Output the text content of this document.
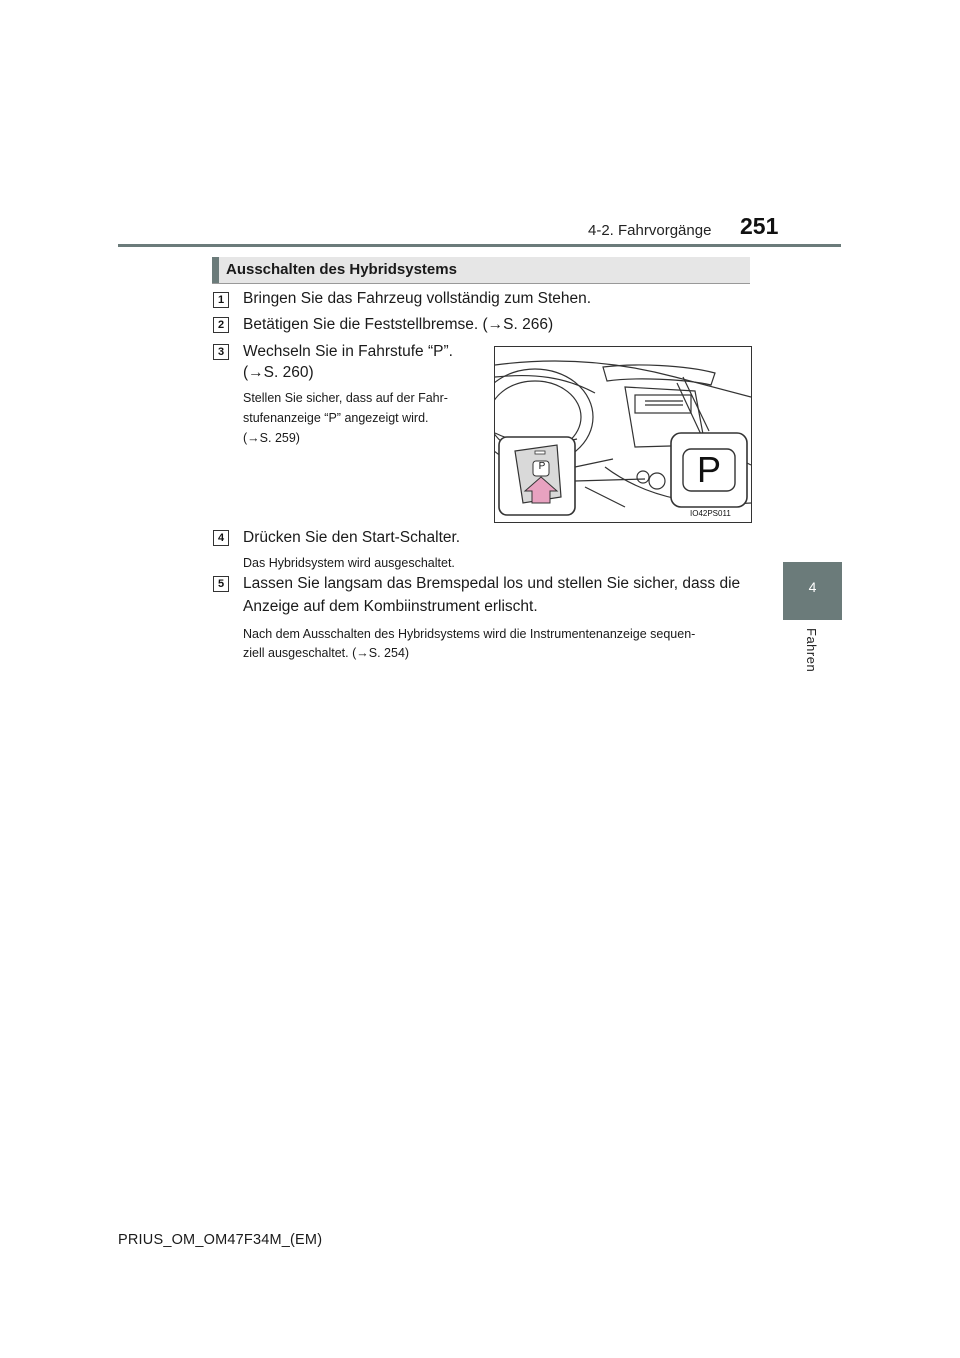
4-2. Fahrvorgänge 251
4
Fahren
Ausschalten des Hybridsystems
1	Bringen Sie das Fahrzeug vollständig zum Stehen.
2	Betätigen Sie die Feststellbremse. (→S. 266)
3	Wechseln Sie in Fahrstufe “P”.
(→S. 260)
Stellen Sie sicher, dass auf der Fahr-
stufenanzeige “P” angezeigt wird.
(→S. 259)
P	P
IO42PS011
4	Drücken Sie den Start-Schalter.
Das Hybridsystem wird ausgeschaltet.
5	Lassen Sie langsam das Bremspedal los und stellen Sie sicher, dass die
Anzeige auf dem Kombiinstrument erlischt.
Nach dem Ausschalten des Hybridsystems wird die Instrumentenanzeige sequen-
ziell ausgeschaltet. (→S. 254)
PRIUS_OM_OM47F34M_(EM)
